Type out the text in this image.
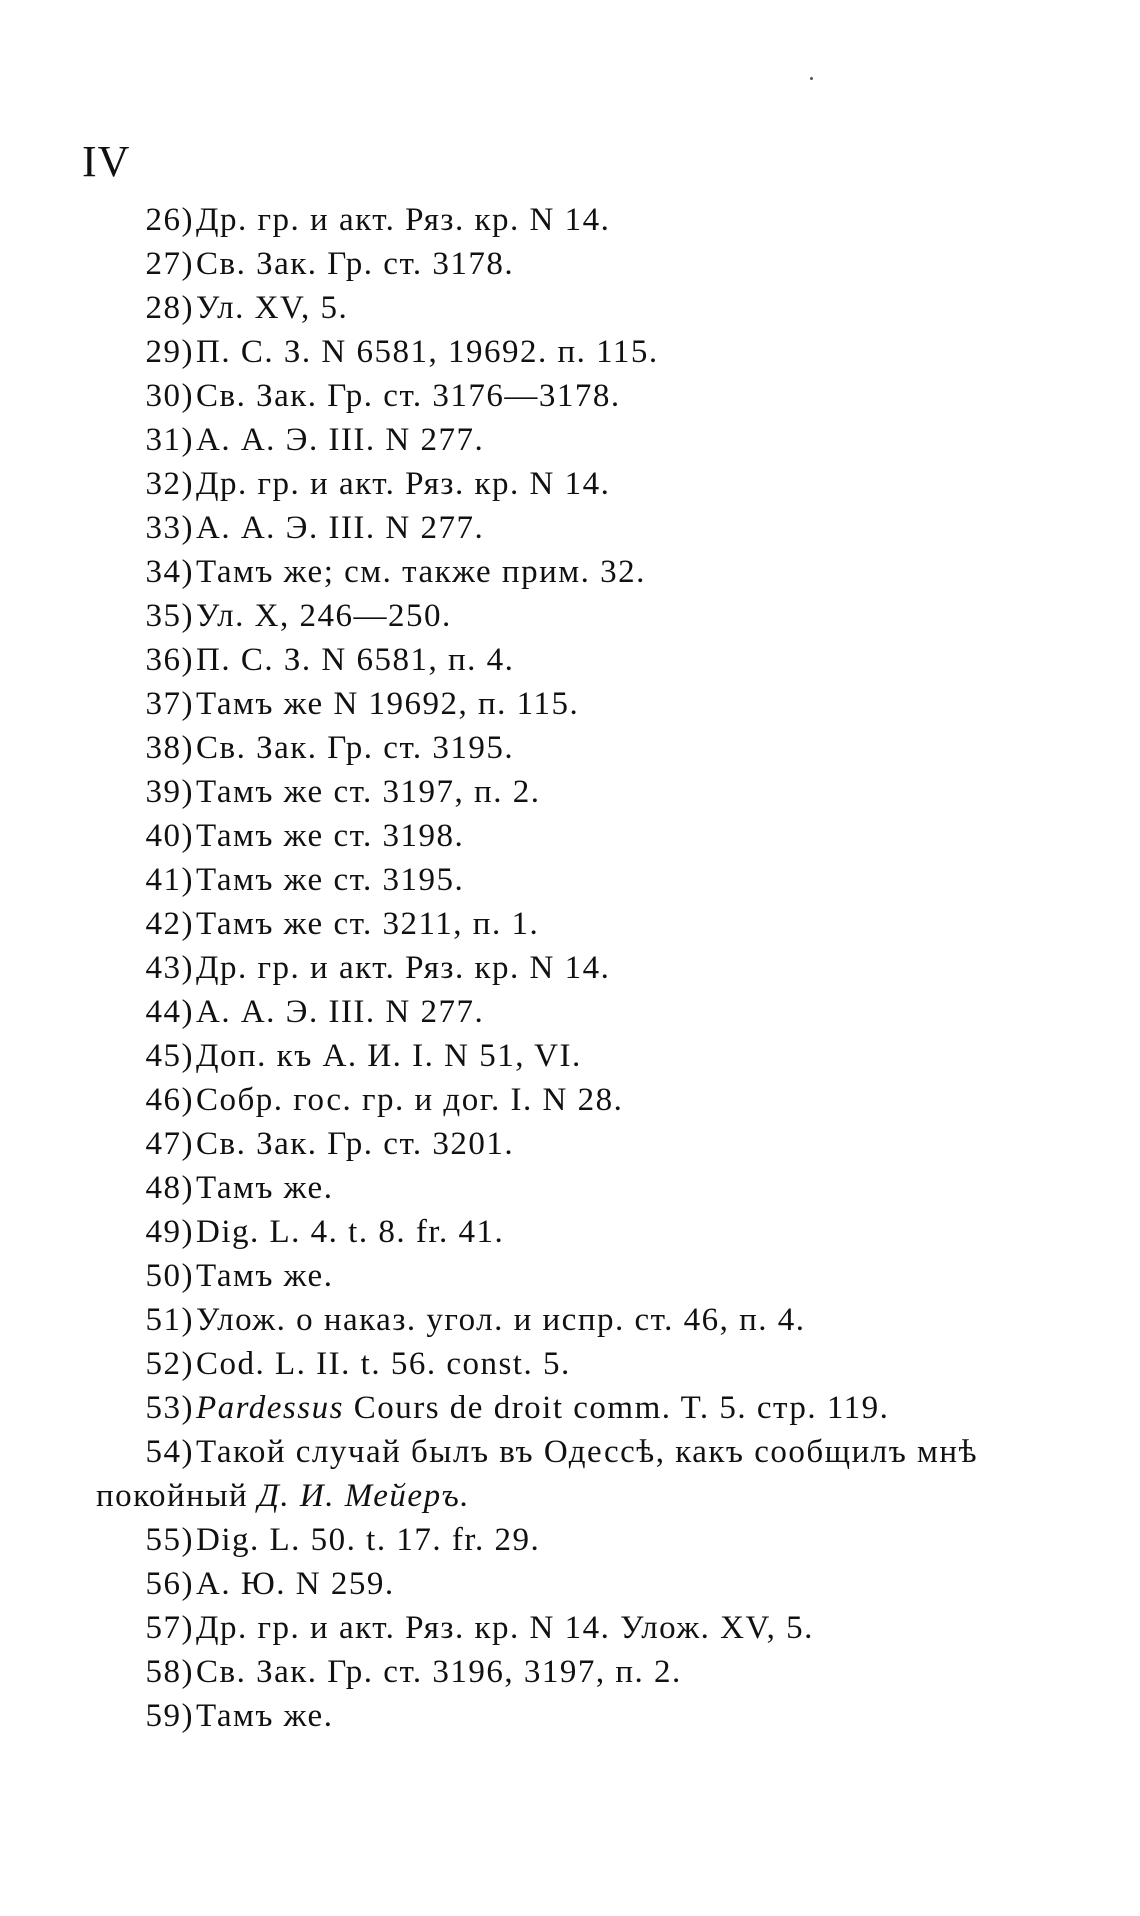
IV
26) Др. гр. и акт. Ряз. кр. N 14.
27) Св. Зак. Гр. ст. 3178.
28) Ул. XV, 5.
29) П. С. З. N 6581, 19692. п. 115.
30) Св. Зак. Гр. ст. 3176—3178.
31) А. А. Э. III. N 277.
32) Др. гр. и акт. Ряз. кр. N 14.
33) А. А. Э. III. N 277.
34) Тамъ же; см. также прим. 32.
35) Ул. X, 246—250.
36) П. С. З. N 6581, п. 4.
37) Тамъ же N 19692, п. 115.
38) Св. Зак. Гр. ст. 3195.
39) Тамъ же ст. 3197, п. 2.
40) Тамъ же ст. 3198.
41) Тамъ же ст. 3195.
42) Тамъ же ст. 3211, п. 1.
43) Др. гр. и акт. Ряз. кр. N 14.
44) А. А. Э. III. N 277.
45) Доп. къ А. И. I. N 51, VI.
46) Собр. гос. гр. и дог. I. N 28.
47) Св. Зак. Гр. ст. 3201.
48) Тамъ же.
49) Dig. L. 4. t. 8. fr. 41.
50) Тамъ же.
51) Улож. о наказ. угол. и испр. ст. 46, п. 4.
52) Cod. L. II. t. 56. const. 5.
53) Pardessus Cours de droit comm. T. 5. стр. 119.
54) Такой случай былъ въ Одессѣ, какъ сообщилъ мнѣ
покойный Д. И. Мейеръ.
55) Dig. L. 50. t. 17. fr. 29.
56) А. Ю. N 259.
57) Др. гр. и акт. Ряз. кр. N 14. Улож. XV, 5.
58) Св. Зак. Гр. ст. 3196, 3197, п. 2.
59) Тамъ же.
